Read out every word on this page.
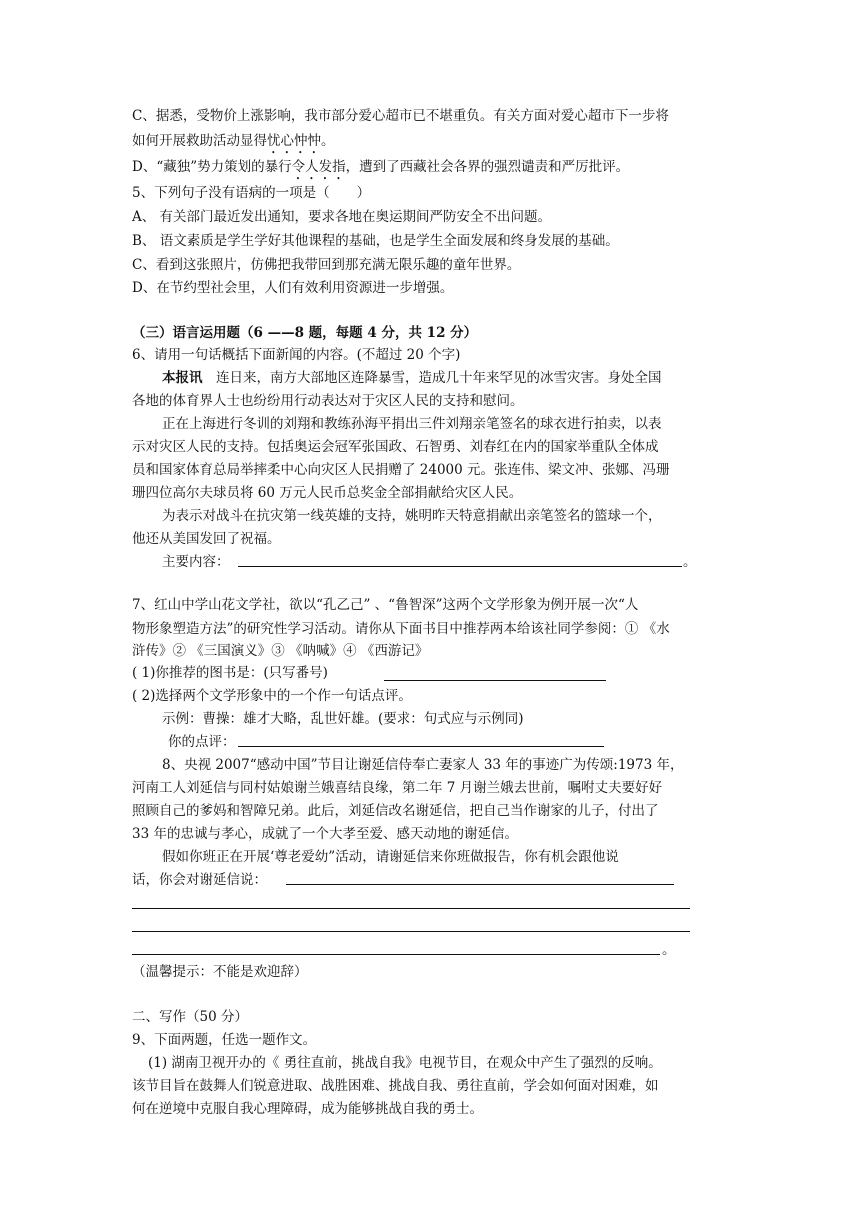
C、据悉，受物价上涨影响，我市部分爱心超市已不堪重负。有关方面对爱心超市下一步将
如何开展救助活动显得忧心忡忡。
D、“藏独”势力策划的暴行令人发指，遭到了西藏社会各界的强烈谴责和严厉批评。
5、下列句子没有语病的一项是（　　）
A、 有关部门最近发出通知，要求各地在奥运期间严防安全不出问题。
B、 语文素质是学生学好其他课程的基础，也是学生全面发展和终身发展的基础。
C、看到这张照片，仿佛把我带回到那充满无限乐趣的童年世界。
D、在节约型社会里，人们有效利用资源进一步增强。
（三）语言运用题（6 ——8 题，每题 4 分，共 12 分）
6、请用一句话概括下面新闻的内容。(不超过 20 个字)
本报讯　连日来，南方大部地区连降暴雪，造成几十年来罕见的冰雪灾害。身处全国
各地的体育界人士也纷纷用行动表达对于灾区人民的支持和慰问。
正在上海进行冬训的刘翔和教练孙海平捐出三件刘翔亲笔签名的球衣进行拍卖，以表
示对灾区人民的支持。包括奥运会冠军张国政、石智勇、刘春红在内的国家举重队全体成
员和国家体育总局举摔柔中心向灾区人民捐赠了 24000 元。张连伟、梁文冲、张娜、冯珊
珊四位高尔夫球员将 60 万元人民币总奖金全部捐献给灾区人民。
为表示对战斗在抗灾第一线英雄的支持，姚明昨天特意捐献出亲笔签名的篮球一个，
他还从美国发回了祝福。
主要内容：	。
7、红山中学山花文学社，欲以“孔乙己” 、“鲁智深”这两个文学形象为例开展一次“人
物形象塑造方法”的研究性学习活动。请你从下面书目中推荐两本给该社同学参阅：① 《水
浒传》② 《三国演义》③ 《呐喊》④ 《西游记》
( 1)你推荐的图书是：(只写番号)
( 2)选择两个文学形象中的一个作一句话点评。
示例：曹操：雄才大略，乱世奸雄。(要求：句式应与示例同)
你的点评：
8、央视 2007“感动中国”节目让谢延信侍奉亡妻家人 33 年的事迹广为传颂:1973 年，
河南工人刘延信与同村姑娘谢兰娥喜结良缘，第二年 7 月谢兰娥去世前，嘱咐丈夫要好好
照顾自己的爹妈和智障兄弟。此后，刘延信改名谢延信，把自己当作谢家的儿子，付出了
33 年的忠诚与孝心，成就了一个大孝至爱、感天动地的谢延信。
假如你班正在开展‘尊老爱幼”活动，请谢延信来你班做报告，你有机会跟他说
话，你会对谢延信说：
。
（温馨提示：不能是欢迎辞）
二、写作（50 分）
9、下面两题，任选一题作文。
(1) 湖南卫视开办的《 勇往直前，挑战自我》电视节目，在观众中产生了强烈的反响。
该节目旨在鼓舞人们锐意进取、战胜困难、挑战自我、勇往直前，学会如何面对困难，如
何在逆境中克服自我心理障碍，成为能够挑战自我的勇士。
